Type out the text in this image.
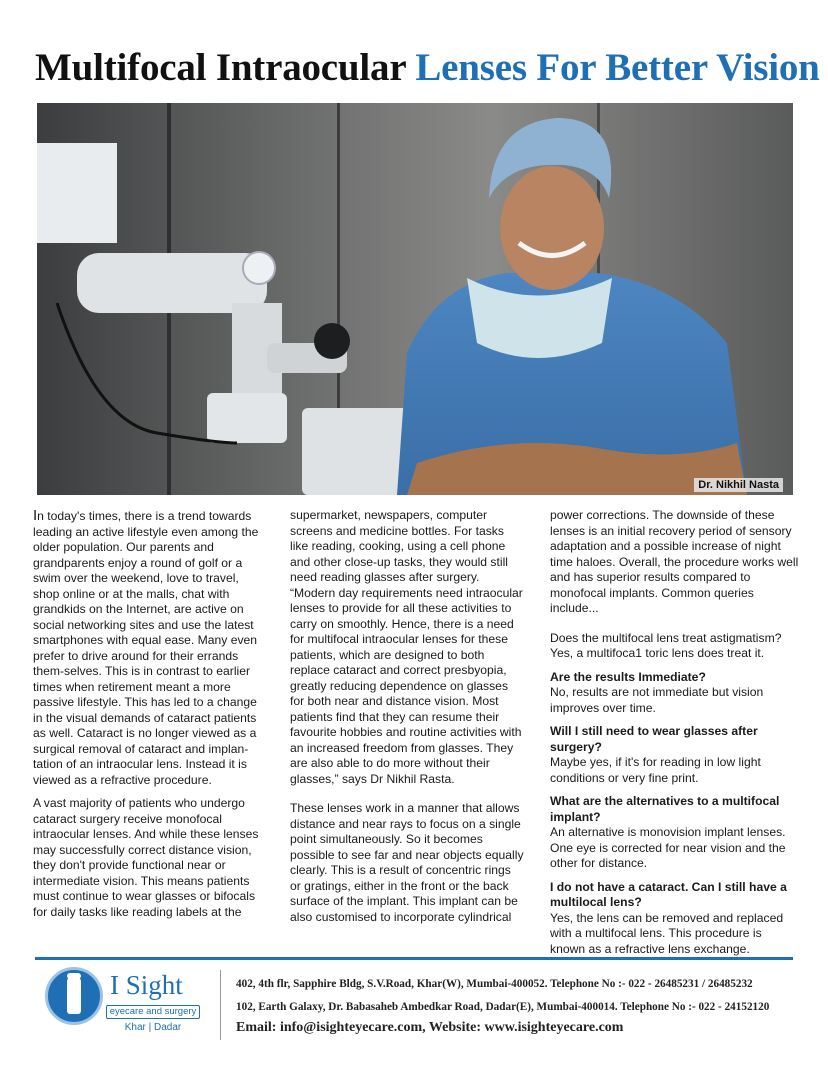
Multifocal Intraocular Lenses For Better Vision
Dr. Nikhil Nasta

In today's times, there is a trend towards leading an active lifestyle even among the older population. Our parents and grandparents enjoy a round of golf or a swim over the weekend, love to travel, shop online or at the malls, chat with grandkids on the Internet, are active on social networking sites and use the latest smartphones with equal ease. Many even prefer to drive around for their errands them-selves. This is in contrast to earlier times when retirement meant a more passive lifestyle. This has led to a change in the visual demands of cataract patients as well. Cataract is no longer viewed as a surgical removal of cataract and implan-tation of an intraocular lens. Instead it is viewed as a refractive procedure.

A vast majority of patients who undergo cataract surgery receive monofocal intraocular lenses. And while these lenses may successfully correct distance vision, they don't provide functional near or intermediate vision. This means patients must continue to wear glasses or bifocals for daily tasks like reading labels at the

supermarket, newspapers, computer screens and medicine bottles. For tasks like reading, cooking, using a cell phone and other close-up tasks, they would still need reading glasses after surgery.

“Modern day requirements need intraocular lenses to provide for all these activities to carry on smoothly. Hence, there is a need for multifocal intraocular lenses for these patients, which are designed to both replace cataract and correct presbyopia, greatly reducing dependence on glasses for both near and distance vision. Most patients find that they can resume their favourite hobbies and routine activities with an increased freedom from glasses. They are also able to do more without their glasses,” says Dr Nikhil Rasta.

These lenses work in a manner that allows distance and near rays to focus on a single point simultaneously. So it becomes possible to see far and near objects equally clearly. This is a result of concentric rings or gratings, either in the front or the back surface of the implant. This implant can be also customised to incorporate cylindrical

power corrections. The downside of these lenses is an initial recovery period of sensory adaptation and a possible increase of night time haloes. Overall, the procedure works well and has superior results compared to monofocal implants. Common queries include...

Does the multifocal lens treat astigmatism?

Yes, a multifoca1 toric lens does treat it.

Are the results Immediate?

No, results are not immediate but vision improves over time.

Will I still need to wear glasses after surgery?

Maybe yes, if it's for reading in low light conditions or very fine print.

What are the alternatives to a multifocal implant?

An alternative is monovision implant lenses. One eye is corrected for near vision and the other for distance.

I do not have a cataract. Can I still have a multilocal lens?

Yes, the lens can be removed and replaced with a multifocal lens. This procedure is known as a refractive lens exchange.

I Sight
eyecare and surgery
Khar | Dadar
402, 4th flr, Sapphire Bldg, S.V.Road, Khar(W), Mumbai-400052. Telephone No :- 022 - 26485231 / 26485232
102, Earth Galaxy, Dr. Babasaheb Ambedkar Road, Dadar(E), Mumbai-400014. Telephone No :- 022 - 24152120
Email: info@isighteyecare.com, Website: www.isighteyecare.com
